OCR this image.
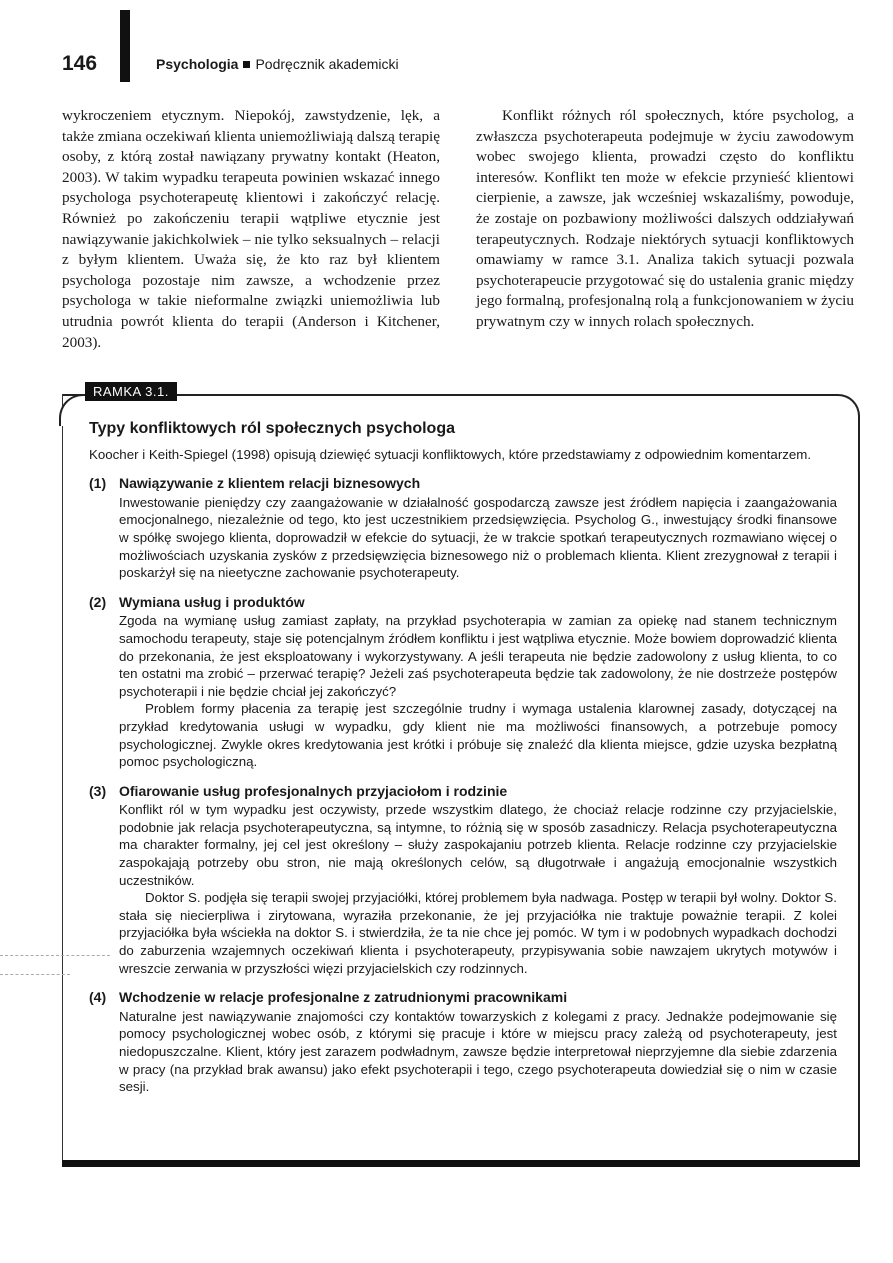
146	Psychologia Podręcznik akademicki

wykroczeniem etycznym. Niepokój, zawstydzenie, lęk, a także zmiana oczekiwań klienta uniemożliwiają dalszą terapię osoby, z którą został nawiązany prywatny kontakt (Heaton, 2003). W takim wypadku terapeuta powinien wskazać innego psychologa psychoterapeutę klientowi i zakończyć relację. Również po zakończeniu terapii wątpliwe etycznie jest nawiązywanie jakichkolwiek – nie tylko seksualnych – relacji z byłym klientem. Uważa się, że kto raz był klientem psychologa pozostaje nim zawsze, a wchodzenie przez psychologa w takie nieformalne związki uniemożliwia lub utrudnia powrót klienta do terapii (Anderson i Kitchener, 2003).

Konflikt różnych ról społecznych, które psycholog, a zwłaszcza psychoterapeuta podejmuje w życiu zawodowym wobec swojego klienta, prowadzi często do konfliktu interesów. Konflikt ten może w efekcie przynieść klientowi cierpienie, a zawsze, jak wcześniej wskazaliśmy, powoduje, że zostaje on pozbawiony możliwości dalszych oddziaływań terapeutycznych. Rodzaje niektórych sytuacji konfliktowych omawiamy w ramce 3.1. Analiza takich sytuacji pozwala psychoterapeucie przygotować się do ustalenia granic między jego formalną, profesjonalną rolą a funkcjonowaniem w życiu prywatnym czy w innych rolach społecznych.

RAMKA 3.1.
Typy konfliktowych ról społecznych psychologa
Koocher i Keith-Spiegel (1998) opisują dziewięć sytuacji konfliktowych, które przedstawiamy z odpowiednim komentarzem.
(1) Nawiązywanie z klientem relacji biznesowych

Inwestowanie pieniędzy czy zaangażowanie w działalność gospodarczą zawsze jest źródłem napięcia i zaangażowania emocjonalnego, niezależnie od tego, kto jest uczestnikiem przedsięwzięcia. Psycholog G., inwestujący środki finansowe w spółkę swojego klienta, doprowadził w efekcie do sytuacji, że w trakcie spotkań terapeutycznych rozmawiano więcej o możliwościach uzyskania zysków z przedsięwzięcia biznesowego niż o problemach klienta. Klient zrezygnował z terapii i poskarżył się na nieetyczne zachowanie psychoterapeuty.

(2) Wymiana usług i produktów

Zgoda na wymianę usług zamiast zapłaty, na przykład psychoterapia w zamian za opiekę nad stanem technicznym samochodu terapeuty, staje się potencjalnym źródłem konfliktu i jest wątpliwa etycznie. Może bowiem doprowadzić klienta do przekonania, że jest eksploatowany i wykorzystywany. A jeśli terapeuta nie będzie zadowolony z usług klienta, to co ten ostatni ma zrobić – przerwać terapię? Jeżeli zaś psychoterapeuta będzie tak zadowolony, że nie dostrzeże postępów psychoterapii i nie będzie chciał jej zakończyć?

Problem formy płacenia za terapię jest szczególnie trudny i wymaga ustalenia klarownej zasady, dotyczącej na przykład kredytowania usługi w wypadku, gdy klient nie ma możliwości finansowych, a potrzebuje pomocy psychologicznej. Zwykle okres kredytowania jest krótki i próbuje się znaleźć dla klienta miejsce, gdzie uzyska bezpłatną pomoc psychologiczną.

(3) Ofiarowanie usług profesjonalnych przyjaciołom i rodzinie

Konflikt ról w tym wypadku jest oczywisty, przede wszystkim dlatego, że chociaż relacje rodzinne czy przyjacielskie, podobnie jak relacja psychoterapeutyczna, są intymne, to różnią się w sposób zasadniczy. Relacja psychoterapeutyczna ma charakter formalny, jej cel jest określony – służy zaspokajaniu potrzeb klienta. Relacje rodzinne czy przyjacielskie zaspokajają potrzeby obu stron, nie mają określonych celów, są długotrwałe i angażują emocjonalnie wszystkich uczestników.

Doktor S. podjęła się terapii swojej przyjaciółki, której problemem była nadwaga. Postęp w terapii był wolny. Doktor S. stała się niecierpliwa i zirytowana, wyraziła przekonanie, że jej przyjaciółka nie traktuje poważnie terapii. Z kolei przyjaciółka była wściekła na doktor S. i stwierdziła, że ta nie chce jej pomóc. W tym i w podobnych wypadkach dochodzi do zaburzenia wzajemnych oczekiwań klienta i psychoterapeuty, przypisywania sobie nawzajem ukrytych motywów i wreszcie zerwania w przyszłości więzi przyjacielskich czy rodzinnych.

(4) Wchodzenie w relacje profesjonalne z zatrudnionymi pracownikami

Naturalne jest nawiązywanie znajomości czy kontaktów towarzyskich z kolegami z pracy. Jednakże podejmowanie się pomocy psychologicznej wobec osób, z którymi się pracuje i które w miejscu pracy zależą od psychoterapeuty, jest niedopuszczalne. Klient, który jest zarazem podwładnym, zawsze będzie interpretował nieprzyjemne dla siebie zdarzenia w pracy (na przykład brak awansu) jako efekt psychoterapii i tego, czego psychoterapeuta dowiedział się o nim w czasie sesji.
